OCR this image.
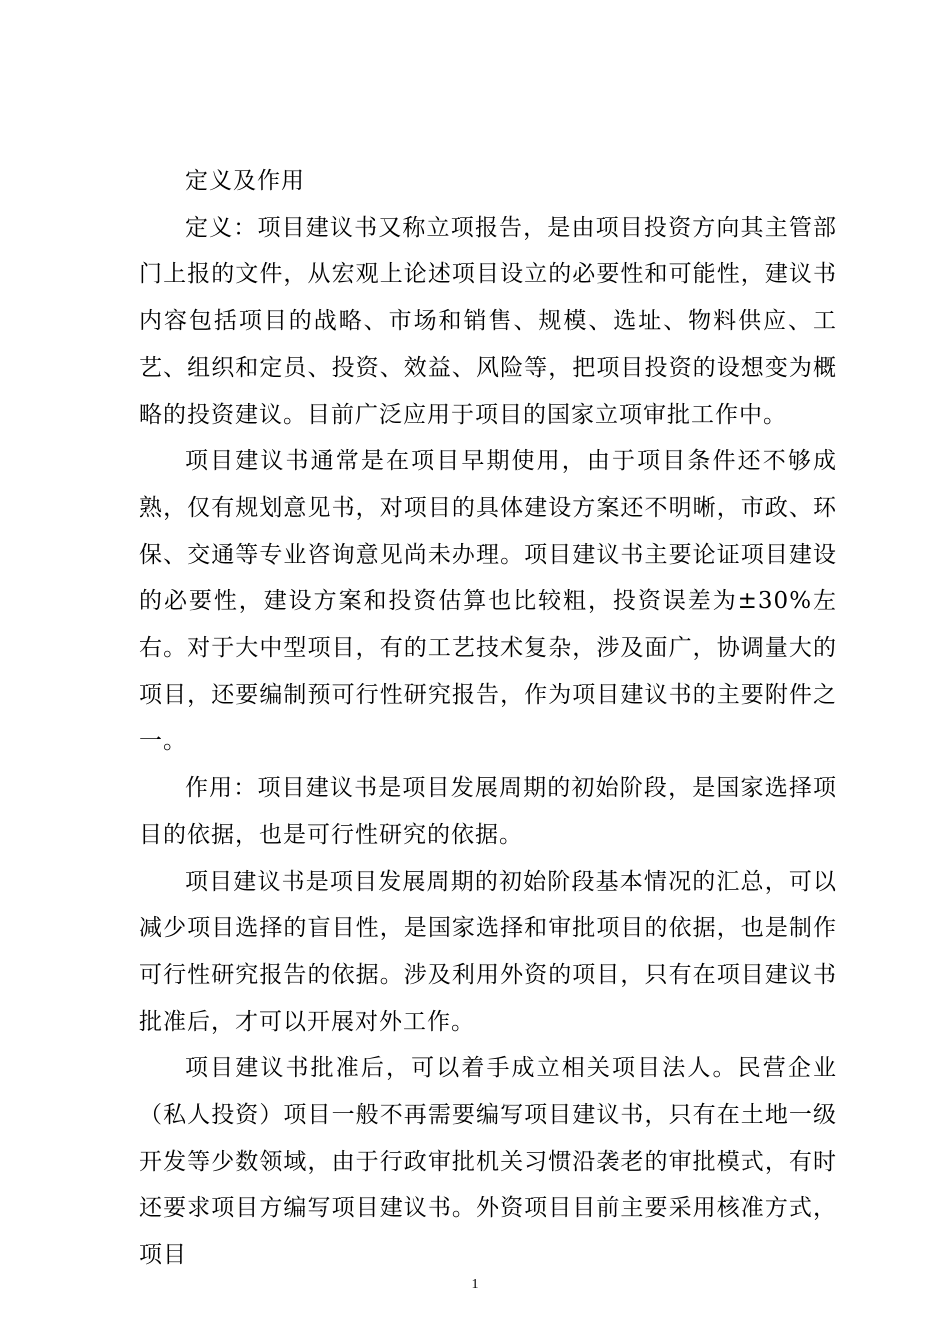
定义及作用

定义：项目建议书又称立项报告，是由项目投资方向其主管部门上报的文件，从宏观上论述项目设立的必要性和可能性，建议书内容包括项目的战略、市场和销售、规模、选址、物料供应、工艺、组织和定员、投资、效益、风险等，把项目投资的设想变为概略的投资建议。目前广泛应用于项目的国家立项审批工作中。

项目建议书通常是在项目早期使用，由于项目条件还不够成熟，仅有规划意见书，对项目的具体建设方案还不明晰，市政、环保、交通等专业咨询意见尚未办理。项目建议书主要论证项目建设的必要性，建设方案和投资估算也比较粗，投资误差为±30%左右。对于大中型项目，有的工艺技术复杂，涉及面广，协调量大的项目，还要编制预可行性研究报告，作为项目建议书的主要附件之一。

作用：项目建议书是项目发展周期的初始阶段，是国家选择项目的依据，也是可行性研究的依据。

项目建议书是项目发展周期的初始阶段基本情况的汇总，可以减少项目选择的盲目性，是国家选择和审批项目的依据，也是制作可行性研究报告的依据。涉及利用外资的项目，只有在项目建议书批准后，才可以开展对外工作。

项目建议书批准后，可以着手成立相关项目法人。民营企业（私人投资）项目一般不再需要编写项目建议书，只有在土地一级开发等少数领域，由于行政审批机关习惯沿袭老的审批模式，有时还要求项目方编写项目建议书。外资项目目前主要采用核准方式，项目

1
